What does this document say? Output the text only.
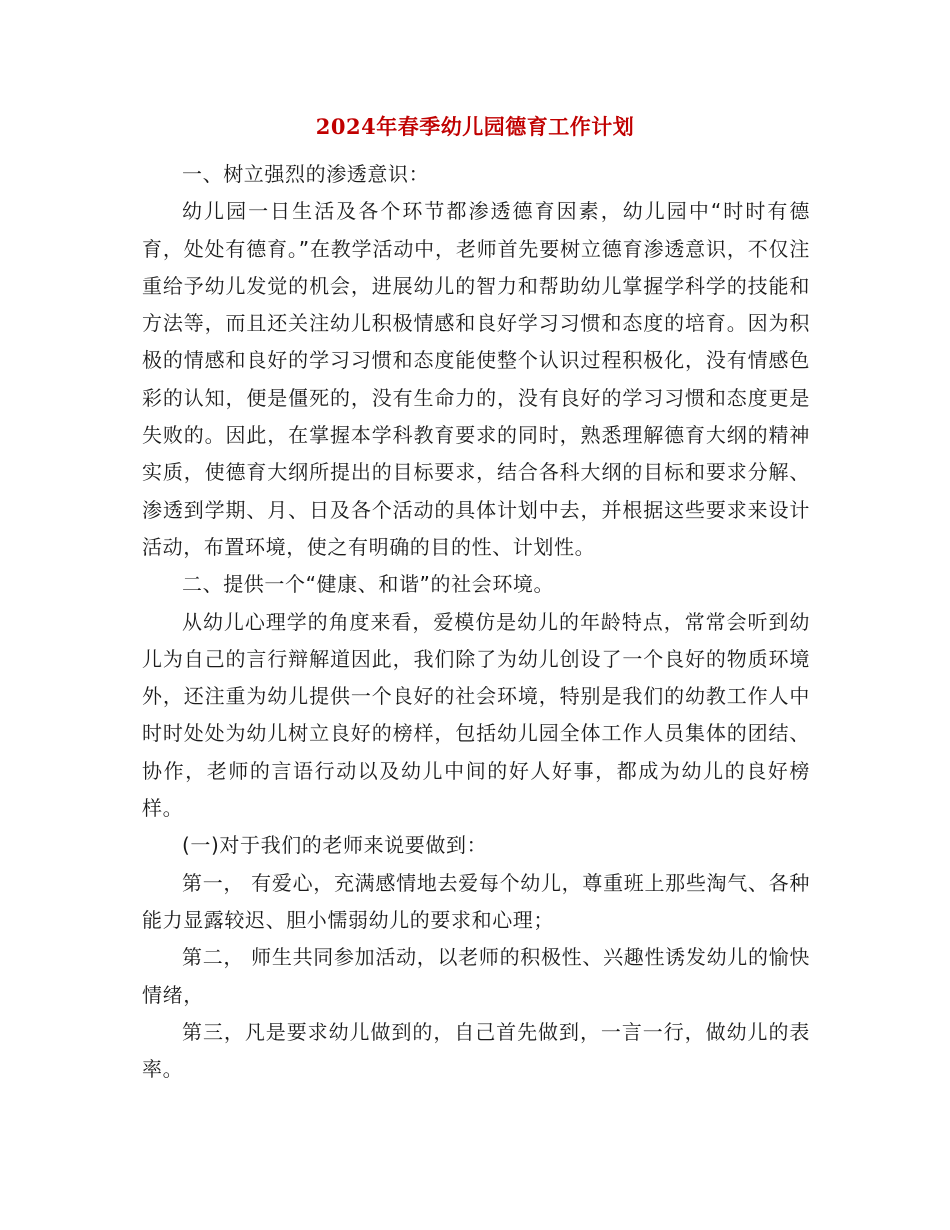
2024年春季幼儿园德育工作计划

一、树立强烈的渗透意识：

幼儿园一日生活及各个环节都渗透德育因素，幼儿园中“时时有德育，处处有德育。”在教学活动中，老师首先要树立德育渗透意识，不仅注重给予幼儿发觉的机会，进展幼儿的智力和帮助幼儿掌握学科学的技能和方法等，而且还关注幼儿积极情感和良好学习习惯和态度的培育。因为积极的情感和良好的学习习惯和态度能使整个认识过程积极化，没有情感色彩的认知，便是僵死的，没有生命力的，没有良好的学习习惯和态度更是失败的。因此，在掌握本学科教育要求的同时，熟悉理解德育大纲的精神实质，使德育大纲所提出的目标要求，结合各科大纲的目标和要求分解、渗透到学期、月、日及各个活动的具体计划中去，并根据这些要求来设计活动，布置环境，使之有明确的目的性、计划性。

二、提供一个“健康、和谐”的社会环境。

从幼儿心理学的角度来看，爱模仿是幼儿的年龄特点，常常会听到幼儿为自己的言行辩解道因此，我们除了为幼儿创设了一个良好的物质环境外，还注重为幼儿提供一个良好的社会环境，特别是我们的幼教工作人中时时处处为幼儿树立良好的榜样，包括幼儿园全体工作人员集体的团结、协作，老师的言语行动以及幼儿中间的好人好事，都成为幼儿的良好榜样。

(一)对于我们的老师来说要做到：

第一， 有爱心，充满感情地去爱每个幼儿，尊重班上那些淘气、各种能力显露较迟、胆小懦弱幼儿的要求和心理；

第二， 师生共同参加活动，以老师的积极性、兴趣性诱发幼儿的愉快情绪，

第三，凡是要求幼儿做到的，自己首先做到，一言一行，做幼儿的表率。
